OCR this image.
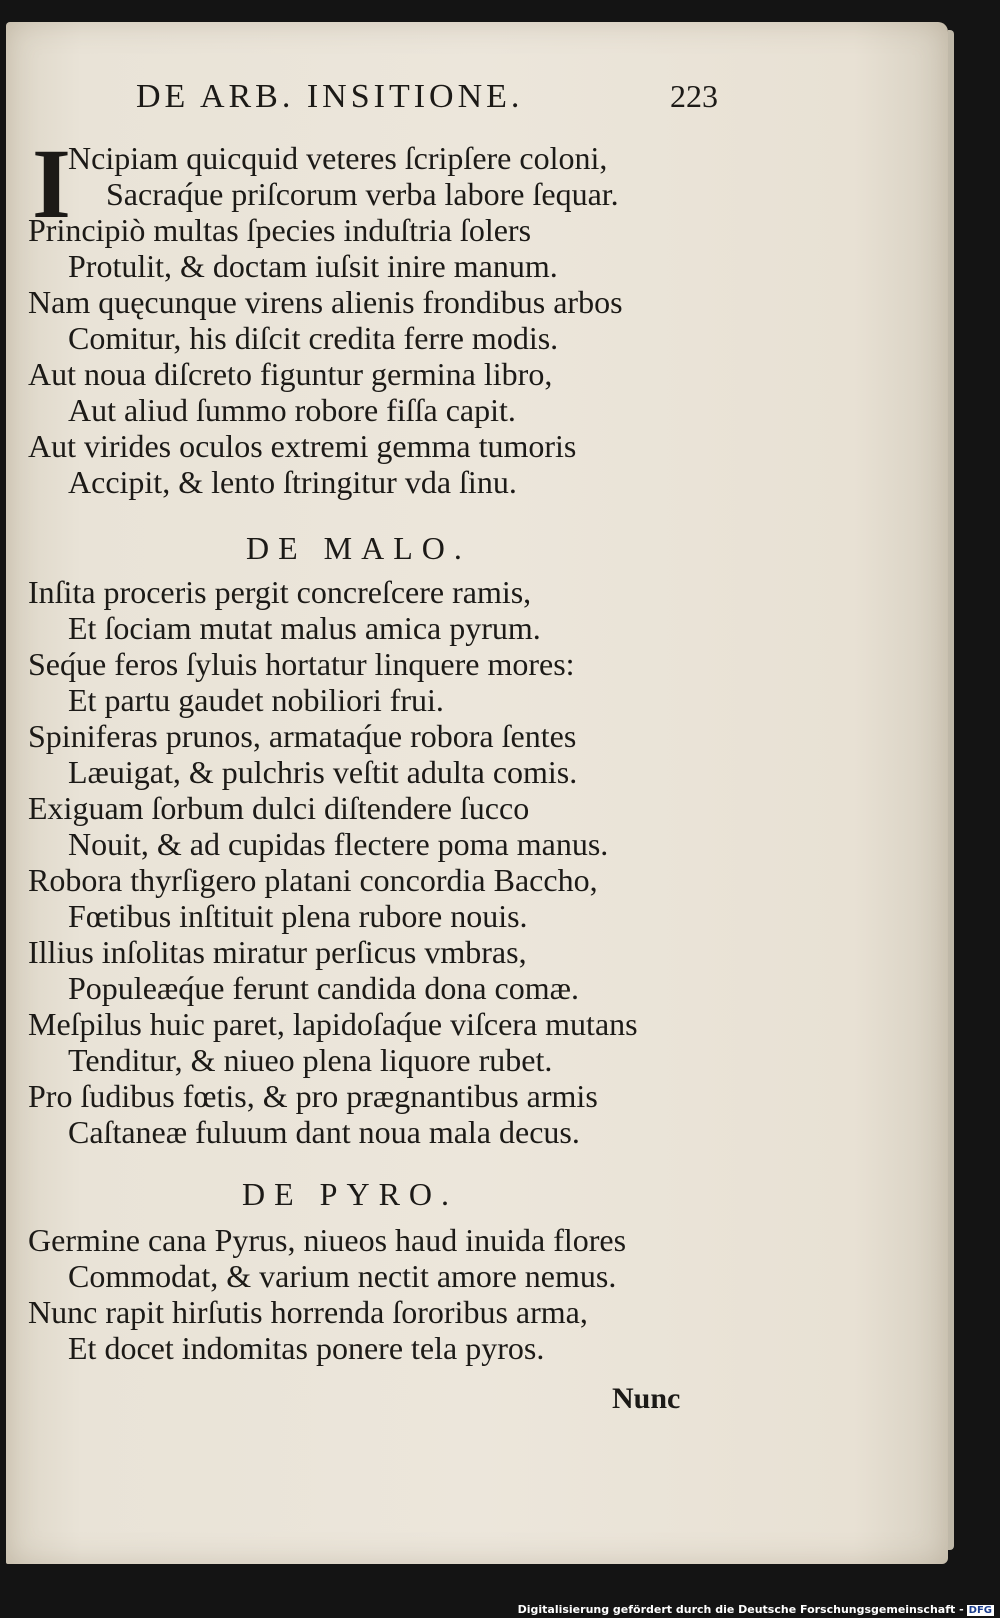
DE ARB. INSITIONE.	223
I
Ncipiam quicquid veteres ſcripſere coloni,
Sacraq́ue priſcorum verba labore ſequar.
Principiò multas ſpecies induſtria ſolers
Protulit, & doctam iuſsit inire manum.
Nam quęcunque virens alienis frondibus arbos
Comitur, his diſcit credita ferre modis.
Aut noua diſcreto figuntur germina libro,
Aut aliud ſummo robore fiſſa capit.
Aut virides oculos extremi gemma tumoris
Accipit, & lento ſtringitur vda ſinu.
DE MALO.
Inſita proceris pergit concreſcere ramis,
Et ſociam mutat malus amica pyrum.
Seq́ue feros ſyluis hortatur linquere mores:
Et partu gaudet nobiliori frui.
Spiniferas prunos, armataq́ue robora ſentes
Læuigat, & pulchris veſtit adulta comis.
Exiguam ſorbum dulci diſtendere ſucco
Nouit, & ad cupidas flectere poma manus.
Robora thyrſigero platani concordia Baccho,
Fœtibus inſtituit plena rubore nouis.
Illius inſolitas miratur perſicus vmbras,
Populeæq́ue ferunt candida dona comæ.
Meſpilus huic paret, lapidoſaq́ue viſcera mutans
Tenditur, & niueo plena liquore rubet.
Pro ſudibus fœtis, & pro prægnantibus armis
Caſtaneæ fuluum dant noua mala decus.
DE PYRO.
Germine cana Pyrus, niueos haud inuida flores
Commodat, & varium nectit amore nemus.
Nunc rapit hirſutis horrenda ſororibus arma,
Et docet indomitas ponere tela pyros.
Nunc
Digitalisierung gefördert durch die Deutsche Forschungsgemeinschaft - DFG
